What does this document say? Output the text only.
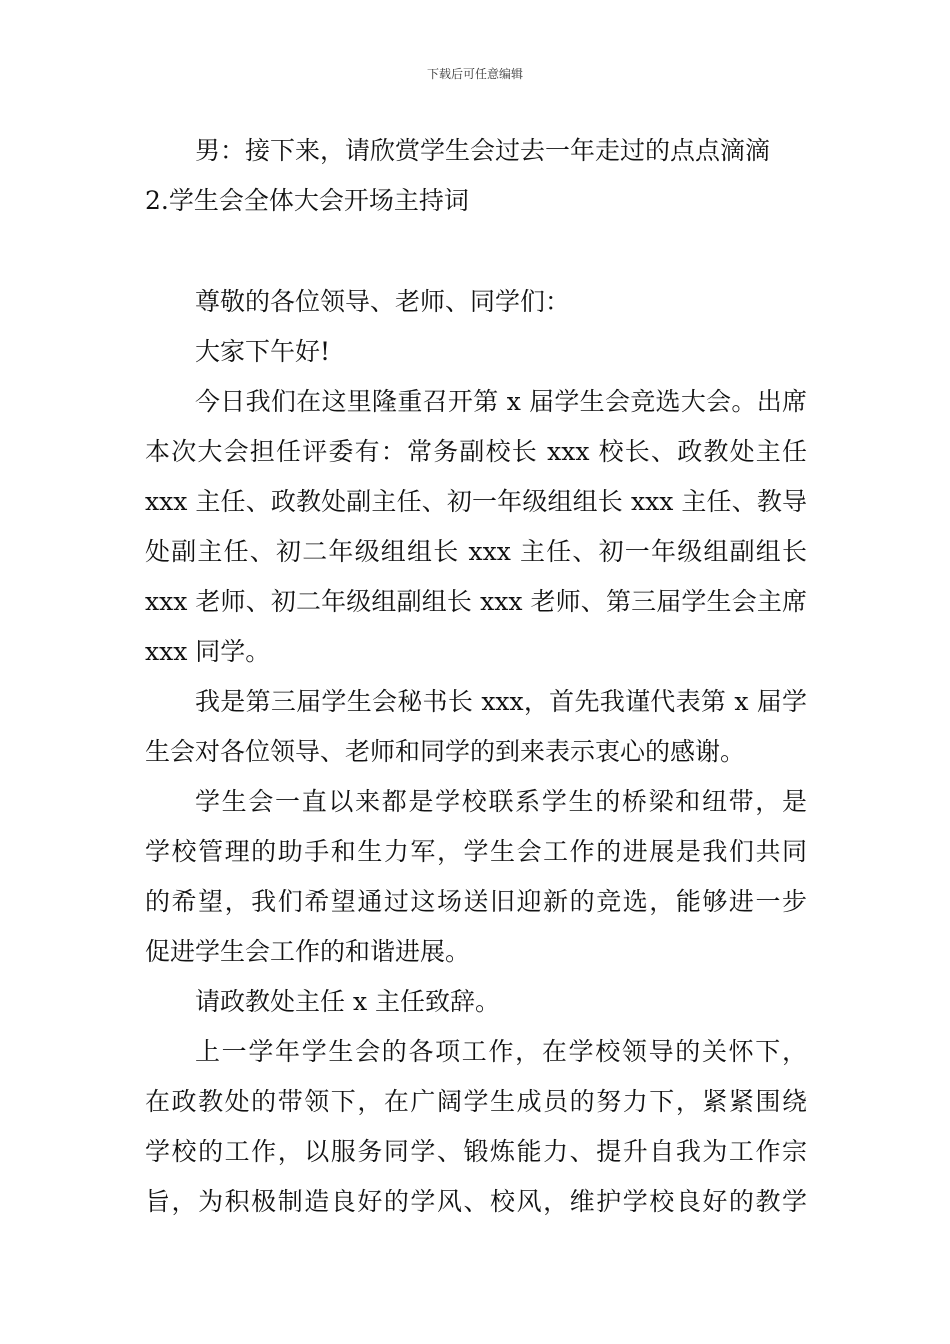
下载后可任意编辑
男：接下来，请欣赏学生会过去一年走过的点点滴滴
2.学生会全体大会开场主持词
尊敬的各位领导、老师、同学们：
大家下午好!
今日我们在这里隆重召开第 x 届学生会竞选大会。出席
本次大会担任评委有：常务副校长 xxx 校长、政教处主任
xxx 主任、政教处副主任、初一年级组组长 xxx 主任、教导
处副主任、初二年级组组长 xxx 主任、初一年级组副组长
xxx 老师、初二年级组副组长 xxx 老师、第三届学生会主席
xxx 同学。
我是第三届学生会秘书长 xxx，首先我谨代表第 x 届学
生会对各位领导、老师和同学的到来表示衷心的感谢。
学生会一直以来都是学校联系学生的桥梁和纽带，是
学校管理的助手和生力军，学生会工作的进展是我们共同
的希望，我们希望通过这场送旧迎新的竞选，能够进一步
促进学生会工作的和谐进展。
请政教处主任 x 主任致辞。
上一学年学生会的各项工作，在学校领导的关怀下，
在政教处的带领下，在广阔学生成员的努力下，紧紧围绕
学校的工作，以服务同学、锻炼能力、提升自我为工作宗
旨，为积极制造良好的学风、校风，维护学校良好的教学
